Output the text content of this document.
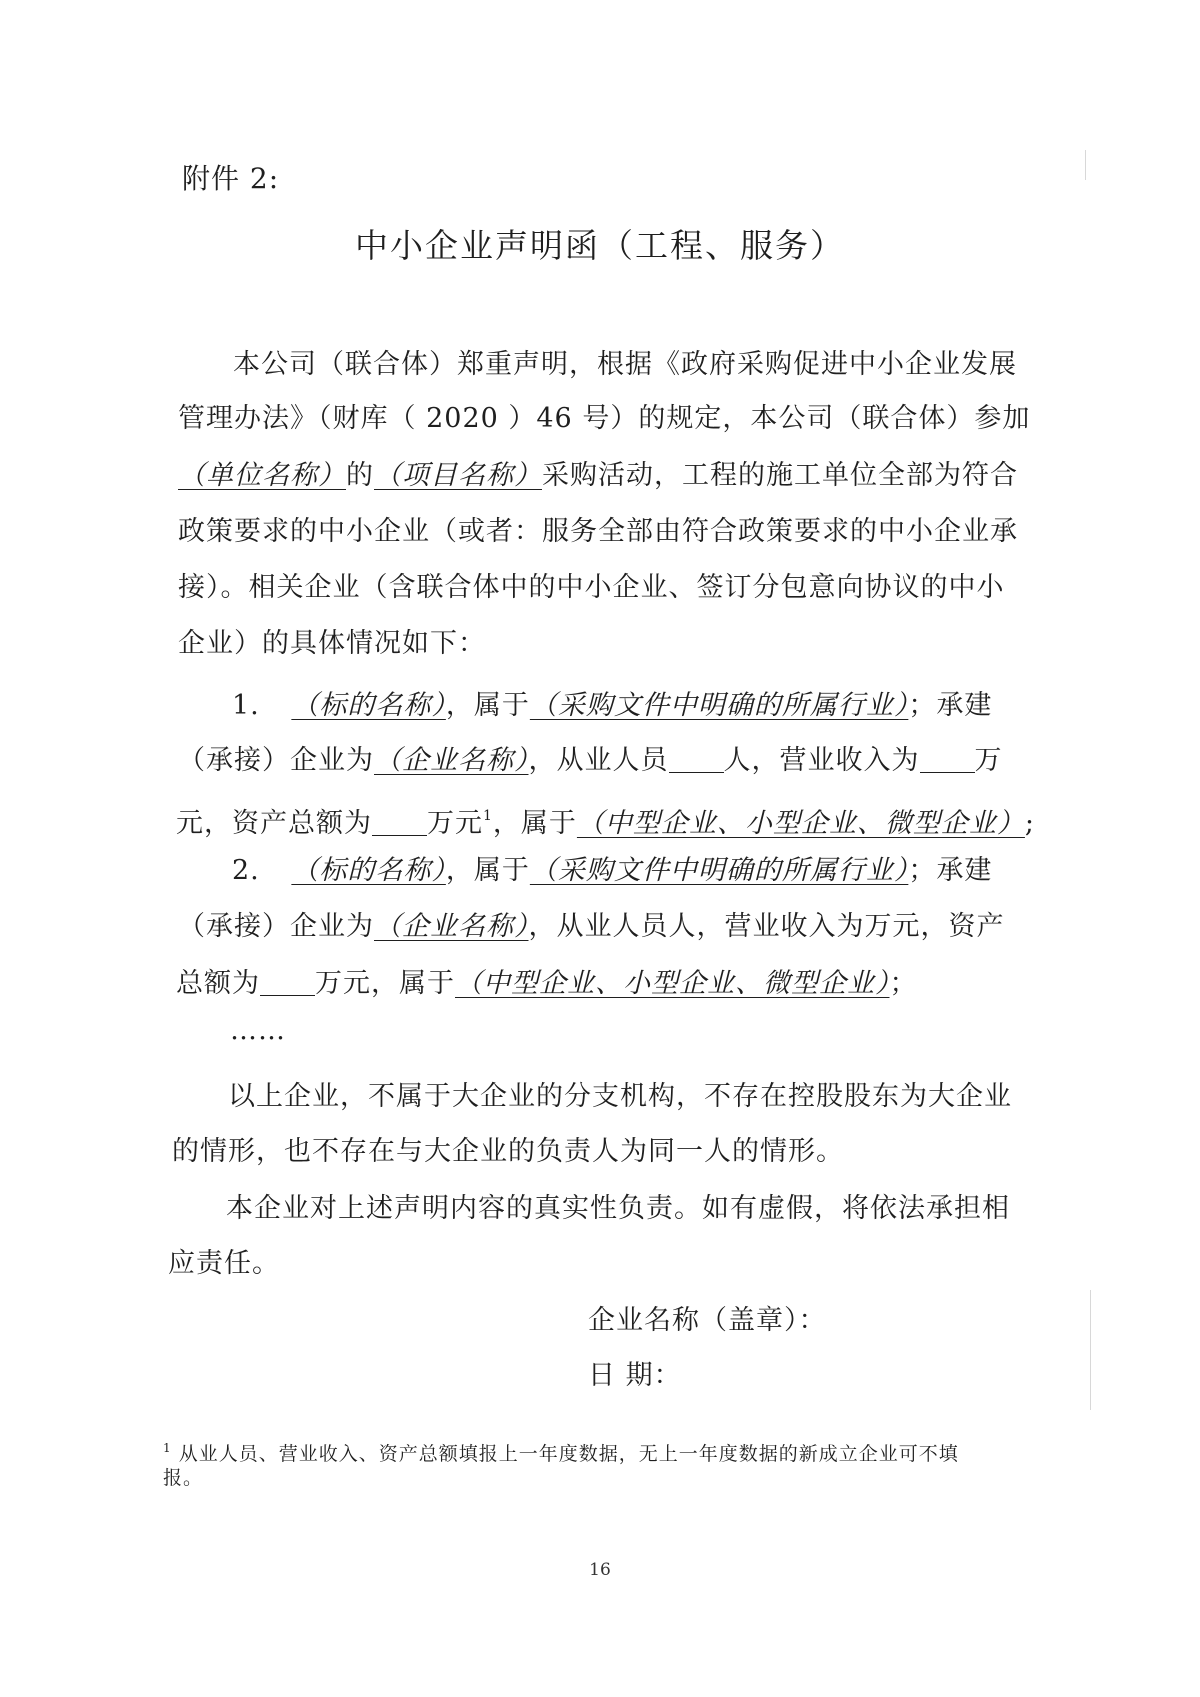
附件 2:
中小企业声明函（工程、服务）
本公司（联合体）郑重声明，根据《政府采购促进中小企业发展
管理办法》（财库（ 2020 ）46 号）的规定，本公司（联合体）参加
（单位名称）的（项目名称）采购活动，工程的施工单位全部为符合
政策要求的中小企业（或者：服务全部由符合政策要求的中小企业承
接）。相关企业（含联合体中的中小企业、签订分包意向协议的中小
企业）的具体情况如下：
1. （标的名称），属于（采购文件中明确的所属行业）；承建
（承接）企业为（企业名称），从业人员 人，营业收入为 万
元，资产总额为 万元$^1$，属于（中型企业、小型企业、微型企业）;
2. （标的名称），属于（采购文件中明确的所属行业）；承建
（承接）企业为（企业名称），从业人员人，营业收入为万元，资产
总额为 万元，属于（中型企业、小型企业、微型企业）；
……
以上企业，不属于大企业的分支机构，不存在控股股东为大企业
的情形，也不存在与大企业的负责人为同一人的情形。
本企业对上述声明内容的真实性负责。如有虚假，将依法承担相
应责任。
企业名称（盖章）：
日 期：
$^1$ 从业人员、营业收入、资产总额填报上一年度数据，无上一年度数据的新成立企业可不填
报。
16
